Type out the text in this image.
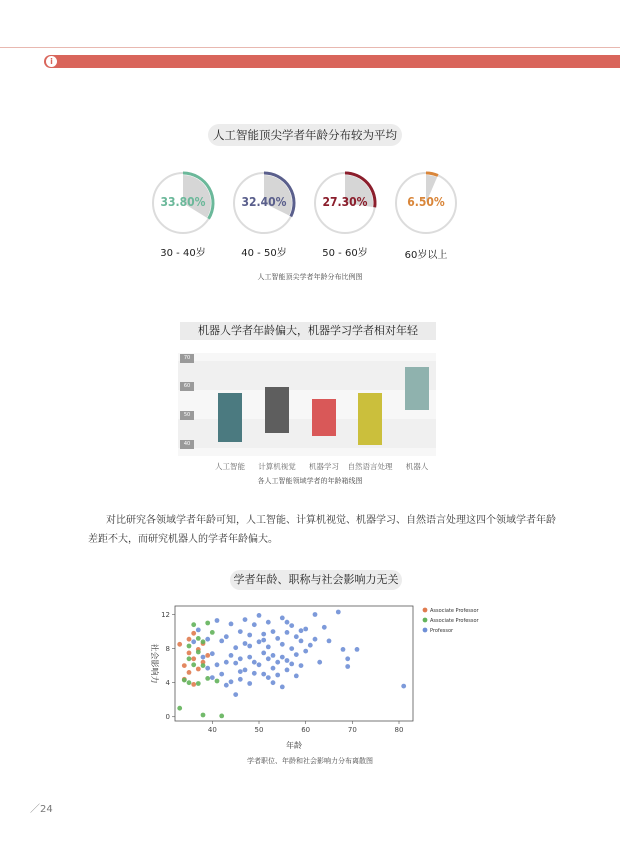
i
人工智能顶尖学者年龄分布较为平均
人工智能顶尖学者年龄分布比例图
机器人学者年龄偏大，机器学习学者相对年轻
40
50
60
70
各人工智能领域学者的年龄箱线图
对比研究各领域学者年龄可知，人工智能、计算机视觉、机器学习、自然语言处理这四个领域学者年龄差距不大，而研究机器人的学者年龄偏大。
学者年龄、职称与社会影响力无关
40	50	60	70	80
0
4
8
12
年龄
社会影响力
Associate Professor
Associate Professor
Professor
学者职位、年龄和社会影响力分布离散图
／24
33.80%
30 - 40岁
32.40%
40 - 50岁
27.30%
50 - 60岁
6.50%
60岁以上
人工智能	计算机视觉	机器学习	自然语言处理	机器人
